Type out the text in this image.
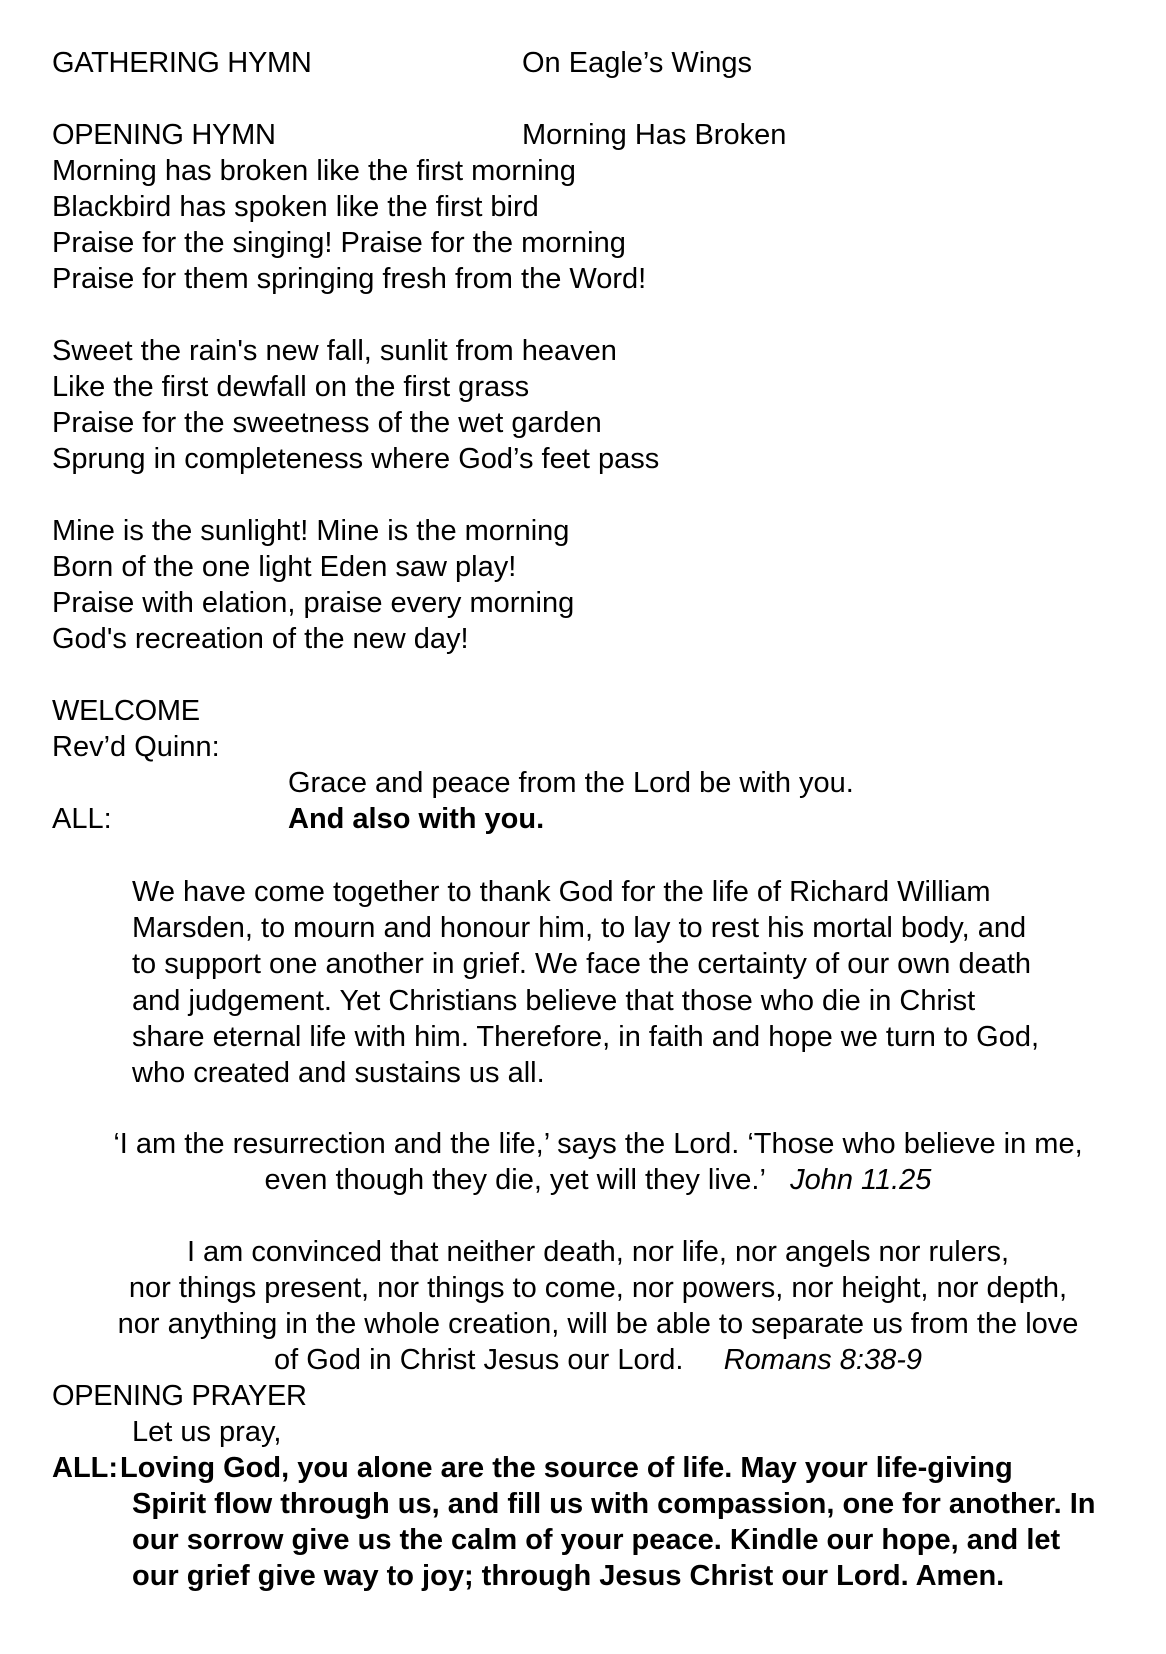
GATHERING HYMN	On Eagle’s Wings
OPENING HYMN	Morning Has Broken
Morning has broken like the first morning
Blackbird has spoken like the first bird
Praise for the singing! Praise for the morning
Praise for them springing fresh from the Word!
Sweet the rain's new fall, sunlit from heaven
Like the first dewfall on the first grass
Praise for the sweetness of the wet garden
Sprung in completeness where God’s feet pass
Mine is the sunlight! Mine is the morning
Born of the one light Eden saw play!
Praise with elation, praise every morning
God's recreation of the new day!
WELCOME
Rev’d Quinn:
Grace and peace from the Lord be with you.
ALL:	And also with you.
We have come together to thank God for the life of Richard William
Marsden, to mourn and honour him, to lay to rest his mortal body, and
to support one another in grief. We face the certainty of our own death
and judgement. Yet Christians believe that those who die in Christ
share eternal life with him. Therefore, in faith and hope we turn to God,
who created and sustains us all.
‘I am the resurrection and the life,’ says the Lord. ‘Those who believe in me,
even though they die, yet will they live.’ John 11.25
I am convinced that neither death, nor life, nor angels nor rulers,
nor things present, nor things to come, nor powers, nor height, nor depth,
nor anything in the whole creation, will be able to separate us from the love
of God in Christ Jesus our Lord. Romans 8:38-9
OPENING PRAYER
Let us pray,
ALL: Loving God, you alone are the source of life. May your life-giving
Spirit flow through us, and fill us with compassion, one for another. In
our sorrow give us the calm of your peace. Kindle our hope, and let
our grief give way to joy; through Jesus Christ our Lord. Amen.
